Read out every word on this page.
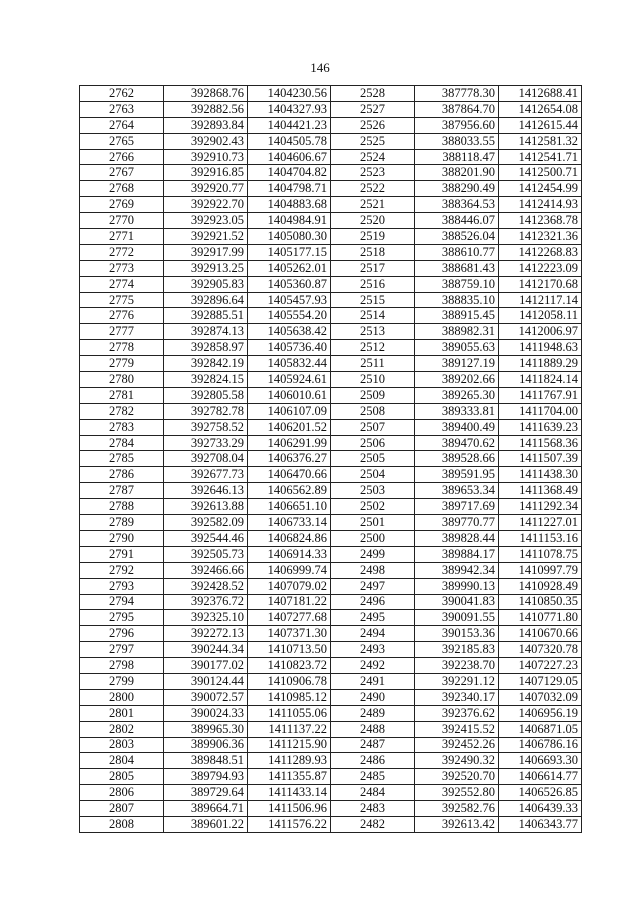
146
2762	392868.76	1404230.56	2528	387778.30	1412688.41
2763	392882.56	1404327.93	2527	387864.70	1412654.08
2764	392893.84	1404421.23	2526	387956.60	1412615.44
2765	392902.43	1404505.78	2525	388033.55	1412581.32
2766	392910.73	1404606.67	2524	388118.47	1412541.71
2767	392916.85	1404704.82	2523	388201.90	1412500.71
2768	392920.77	1404798.71	2522	388290.49	1412454.99
2769	392922.70	1404883.68	2521	388364.53	1412414.93
2770	392923.05	1404984.91	2520	388446.07	1412368.78
2771	392921.52	1405080.30	2519	388526.04	1412321.36
2772	392917.99	1405177.15	2518	388610.77	1412268.83
2773	392913.25	1405262.01	2517	388681.43	1412223.09
2774	392905.83	1405360.87	2516	388759.10	1412170.68
2775	392896.64	1405457.93	2515	388835.10	1412117.14
2776	392885.51	1405554.20	2514	388915.45	1412058.11
2777	392874.13	1405638.42	2513	388982.31	1412006.97
2778	392858.97	1405736.40	2512	389055.63	1411948.63
2779	392842.19	1405832.44	2511	389127.19	1411889.29
2780	392824.15	1405924.61	2510	389202.66	1411824.14
2781	392805.58	1406010.61	2509	389265.30	1411767.91
2782	392782.78	1406107.09	2508	389333.81	1411704.00
2783	392758.52	1406201.52	2507	389400.49	1411639.23
2784	392733.29	1406291.99	2506	389470.62	1411568.36
2785	392708.04	1406376.27	2505	389528.66	1411507.39
2786	392677.73	1406470.66	2504	389591.95	1411438.30
2787	392646.13	1406562.89	2503	389653.34	1411368.49
2788	392613.88	1406651.10	2502	389717.69	1411292.34
2789	392582.09	1406733.14	2501	389770.77	1411227.01
2790	392544.46	1406824.86	2500	389828.44	1411153.16
2791	392505.73	1406914.33	2499	389884.17	1411078.75
2792	392466.66	1406999.74	2498	389942.34	1410997.79
2793	392428.52	1407079.02	2497	389990.13	1410928.49
2794	392376.72	1407181.22	2496	390041.83	1410850.35
2795	392325.10	1407277.68	2495	390091.55	1410771.80
2796	392272.13	1407371.30	2494	390153.36	1410670.66
2797	390244.34	1410713.50	2493	392185.83	1407320.78
2798	390177.02	1410823.72	2492	392238.70	1407227.23
2799	390124.44	1410906.78	2491	392291.12	1407129.05
2800	390072.57	1410985.12	2490	392340.17	1407032.09
2801	390024.33	1411055.06	2489	392376.62	1406956.19
2802	389965.30	1411137.22	2488	392415.52	1406871.05
2803	389906.36	1411215.90	2487	392452.26	1406786.16
2804	389848.51	1411289.93	2486	392490.32	1406693.30
2805	389794.93	1411355.87	2485	392520.70	1406614.77
2806	389729.64	1411433.14	2484	392552.80	1406526.85
2807	389664.71	1411506.96	2483	392582.76	1406439.33
2808	389601.22	1411576.22	2482	392613.42	1406343.77
